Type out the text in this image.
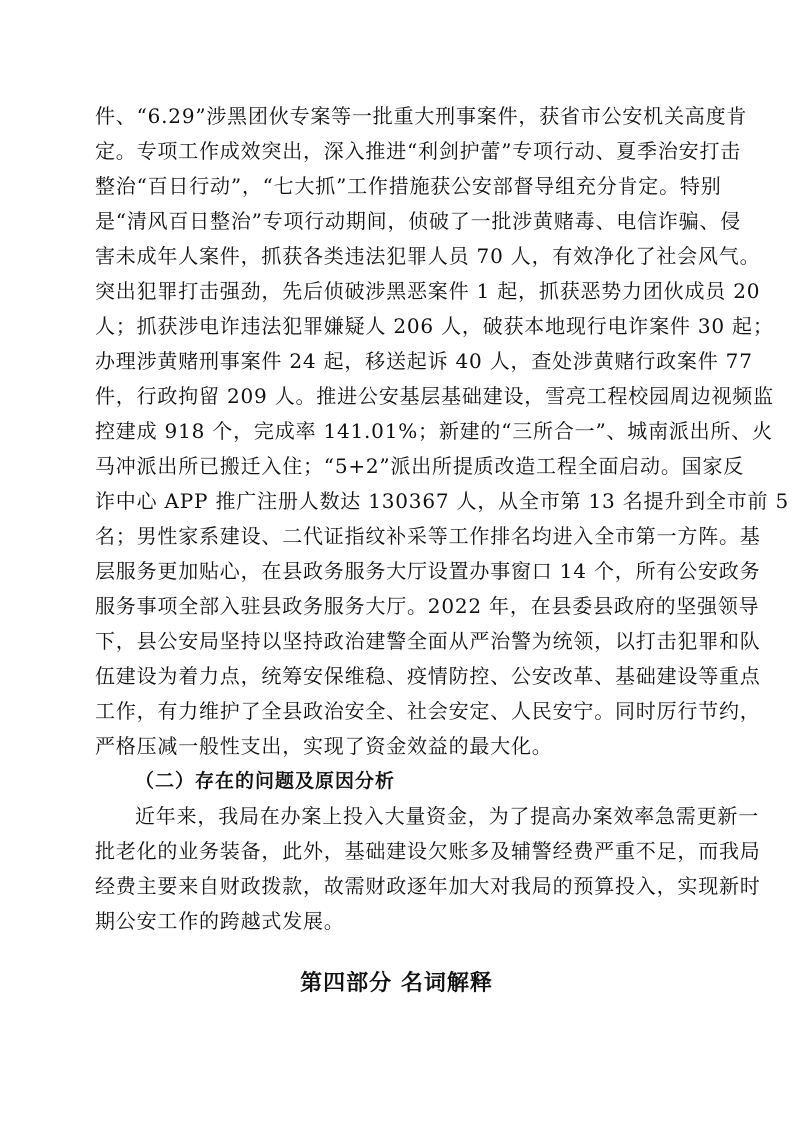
件、“6.29”涉黑团伙专案等一批重大刑事案件，获省市公安机关高度肯
定。专项工作成效突出，深入推进“利剑护蕾”专项行动、夏季治安打击
整治“百日行动”，“七大抓”工作措施获公安部督导组充分肯定。特别
是“清风百日整治”专项行动期间，侦破了一批涉黄赌毒、电信诈骗、侵
害未成年人案件，抓获各类违法犯罪人员 70 人，有效净化了社会风气。
突出犯罪打击强劲，先后侦破涉黑恶案件 1 起，抓获恶势力团伙成员 20
人；抓获涉电诈违法犯罪嫌疑人 206 人，破获本地现行电诈案件 30 起；
办理涉黄赌刑事案件 24 起，移送起诉 40 人，查处涉黄赌行政案件 77
件，行政拘留 209 人。推进公安基层基础建设，雪亮工程校园周边视频监
控建成 918 个，完成率 141.01%；新建的“三所合一”、城南派出所、火
马冲派出所已搬迁入住；“5+2”派出所提质改造工程全面启动。国家反
诈中心 APP 推广注册人数达 130367 人，从全市第 13 名提升到全市前 5
名；男性家系建设、二代证指纹补采等工作排名均进入全市第一方阵。基
层服务更加贴心，在县政务服务大厅设置办事窗口 14 个，所有公安政务
服务事项全部入驻县政务服务大厅。2022 年，在县委县政府的坚强领导
下，县公安局坚持以坚持政治建警全面从严治警为统领，以打击犯罪和队
伍建设为着力点，统筹安保维稳、疫情防控、公安改革、基础建设等重点
工作，有力维护了全县政治安全、社会安定、人民安宁。同时厉行节约，
严格压减一般性支出，实现了资金效益的最大化。
（二）存在的问题及原因分析
近年来，我局在办案上投入大量资金，为了提高办案效率急需更新一
批老化的业务装备，此外，基础建设欠账多及辅警经费严重不足，而我局
经费主要来自财政拨款，故需财政逐年加大对我局的预算投入，实现新时
期公安工作的跨越式发展。
第四部分 名词解释
